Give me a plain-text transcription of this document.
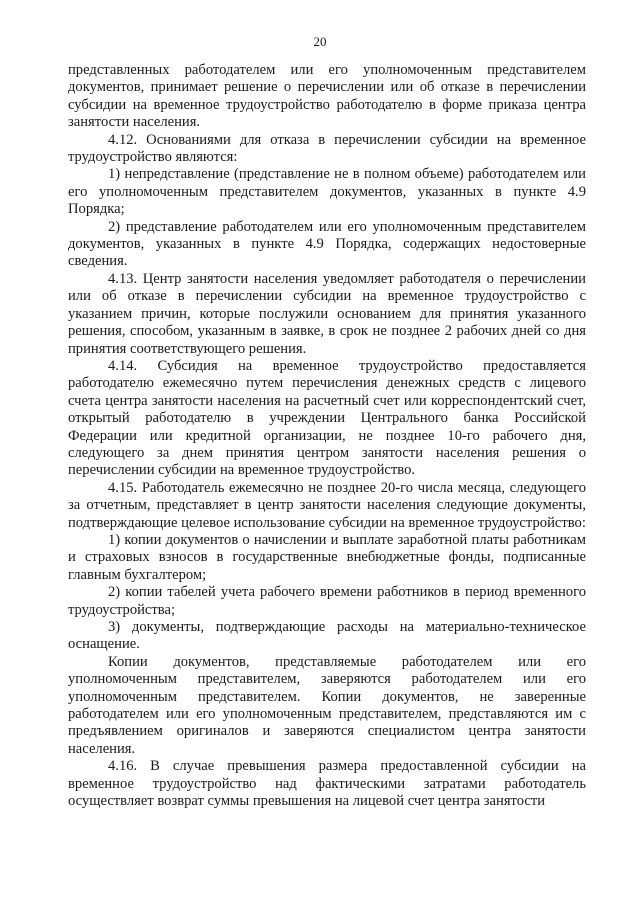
20

представленных работодателем или его уполномоченным представителем документов, принимает решение о перечислении или об отказе в перечислении субсидии на временное трудоустройство работодателю в форме приказа центра занятости населения.

4.12. Основаниями для отказа в перечислении субсидии на временное трудоустройство являются:

1) непредставление (представление не в полном объеме) работодателем или его уполномоченным представителем документов, указанных в пункте 4.9 Порядка;

2) представление работодателем или его уполномоченным представителем документов, указанных в пункте 4.9 Порядка, содержащих недостоверные сведения.

4.13. Центр занятости населения уведомляет работодателя о перечислении или об отказе в перечислении субсидии на временное трудоустройство с указанием причин, которые послужили основанием для принятия указанного решения, способом, указанным в заявке, в срок не позднее 2 рабочих дней со дня принятия соответствующего решения.

4.14. Субсидия на временное трудоустройство предоставляется работодателю ежемесячно путем перечисления денежных средств с лицевого счета центра занятости населения на расчетный счет или корреспондентский счет, открытый работодателю в учреждении Центрального банка Российской Федерации или кредитной организации, не позднее 10-го рабочего дня, следующего за днем принятия центром занятости населения решения о перечислении субсидии на временное трудоустройство.

4.15. Работодатель ежемесячно не позднее 20-го числа месяца, следующего за отчетным, представляет в центр занятости населения следующие документы, подтверждающие целевое использование субсидии на временное трудоустройство:

1) копии документов о начислении и выплате заработной платы работникам и страховых взносов в государственные внебюджетные фонды, подписанные главным бухгалтером;

2) копии табелей учета рабочего времени работников в период временного трудоустройства;

3) документы, подтверждающие расходы на материально-техническое оснащение.

Копии документов, представляемые работодателем или его уполномоченным представителем, заверяются работодателем или его уполномоченным представителем. Копии документов, не заверенные работодателем или его уполномоченным представителем, представляются им с предъявлением оригиналов и заверяются специалистом центра занятости населения.

4.16. В случае превышения размера предоставленной субсидии на временное трудоустройство над фактическими затратами работодатель осуществляет возврат суммы превышения на лицевой счет центра занятости
